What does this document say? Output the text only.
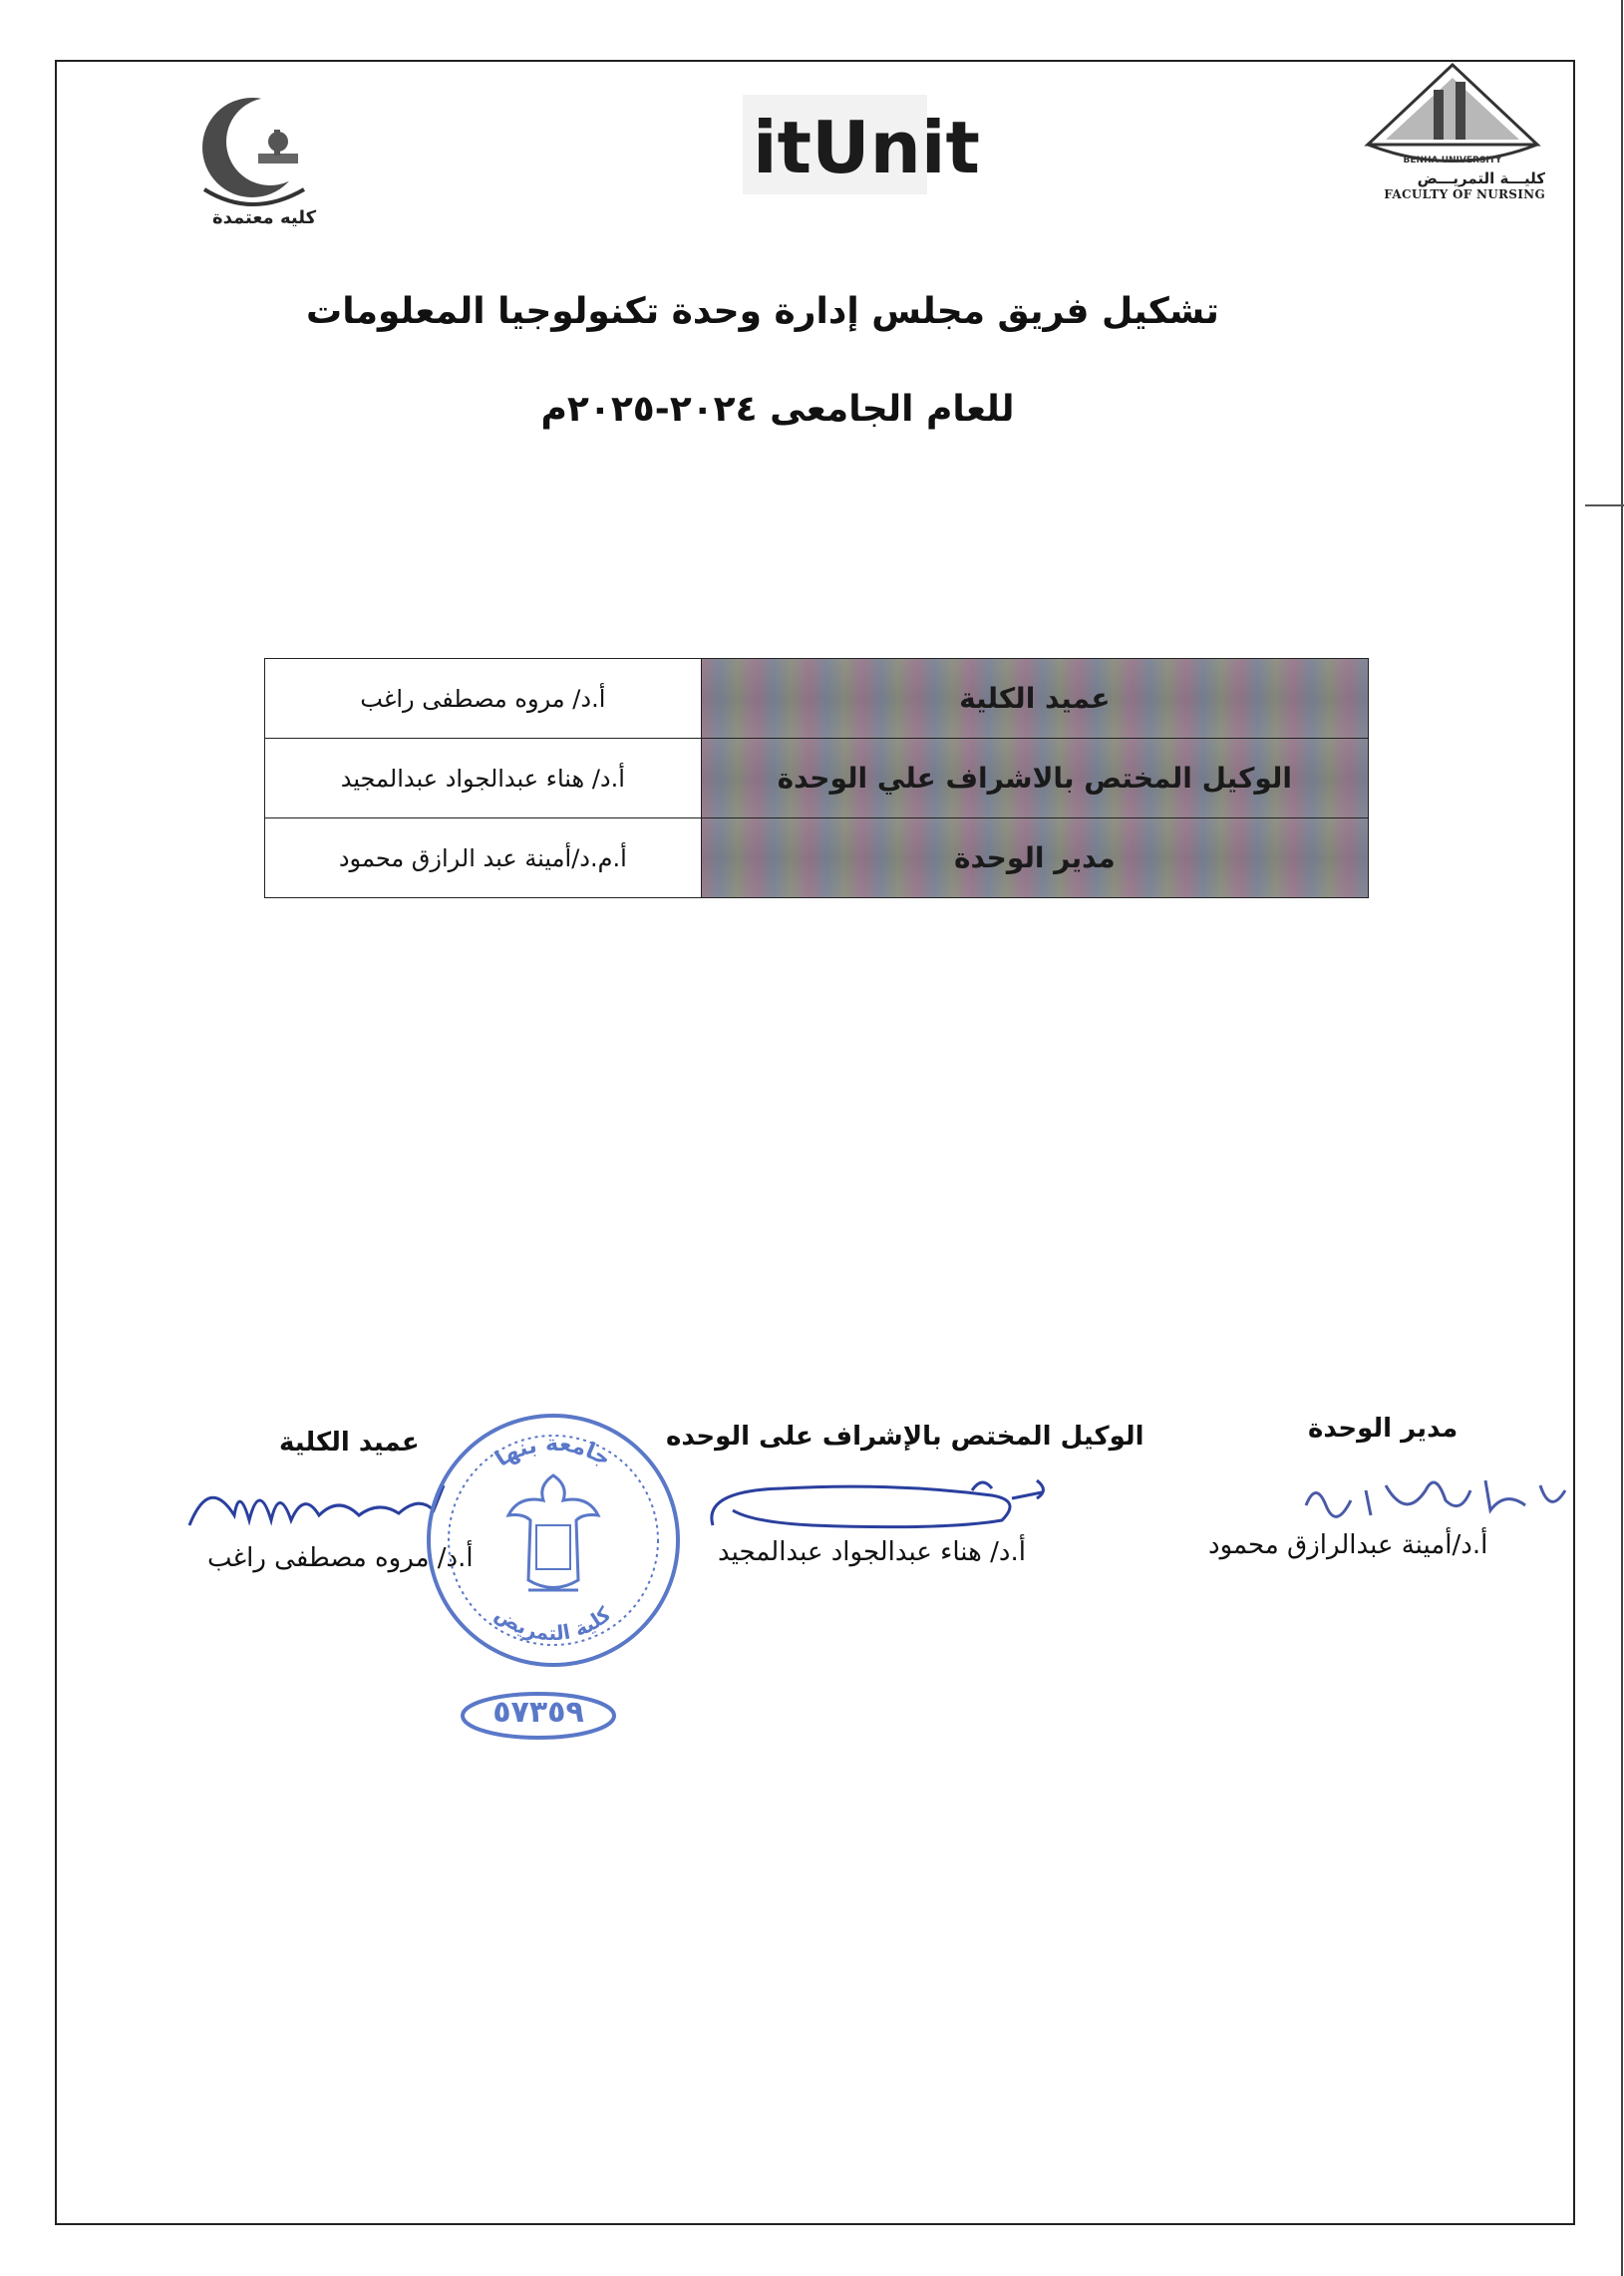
كليه معتمدة
itUnit	BENHA UNIVERSITY
كليـــة التمريـــض
FACULTY OF NURSING
تشكيل فريق مجلس إدارة وحدة تكنولوجيا المعلومات
للعام الجامعى ٢٠٢٤-٢٠٢٥م
عميد الكلية	أ.د/ مروه مصطفى راغب
الوكيل المختص بالاشراف علي الوحدة	أ.د/ هناء عبدالجواد عبدالمجيد
مدير الوحدة	أ.م.د/أمينة عبد الرازق محمود
مدير الوحدة
الوكيل المختص بالإشراف على الوحده
عميد الكلية
أ.د/أمينة عبدالرازق محمود
أ.د/ هناء عبدالجواد عبدالمجيد
أ.د/ مروه مصطفى راغب
جامعة بنها
كلية التمريض
٥٧٣٥٩
